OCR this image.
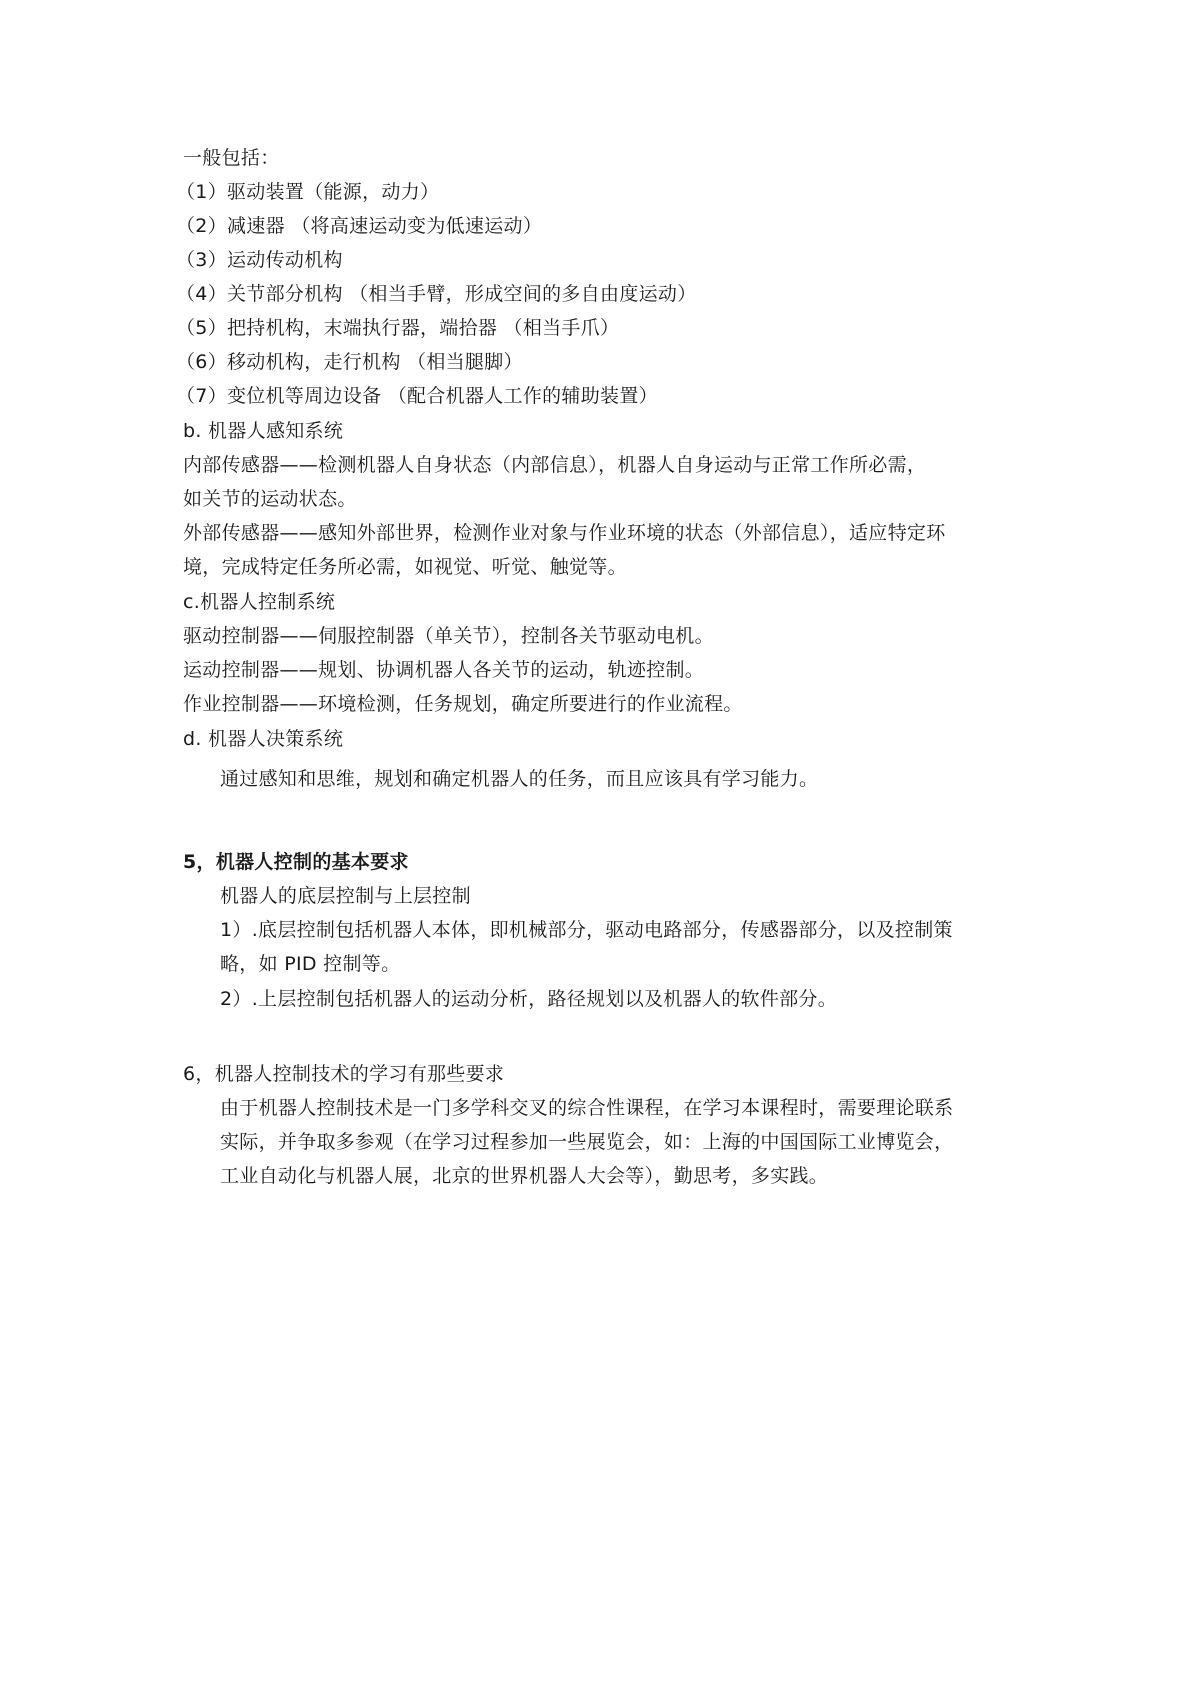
一般包括：
（1）驱动装置（能源，动力）
（2）减速器 （将高速运动变为低速运动）
（3）运动传动机构
（4）关节部分机构 （相当手臂，形成空间的多自由度运动）
（5）把持机构，末端执行器，端拾器 （相当手爪）
（6）移动机构，走行机构 （相当腿脚）
（7）变位机等周边设备 （配合机器人工作的辅助装置）
b. 机器人感知系统
内部传感器——检测机器人自身状态（内部信息），机器人自身运动与正常工作所必需，
如关节的运动状态。
外部传感器——感知外部世界，检测作业对象与作业环境的状态（外部信息），适应特定环
境，完成特定任务所必需，如视觉、听觉、触觉等。
c.机器人控制系统
驱动控制器——伺服控制器（单关节），控制各关节驱动电机。
运动控制器——规划、协调机器人各关节的运动，轨迹控制。
作业控制器——环境检测，任务规划，确定所要进行的作业流程。
d. 机器人决策系统
通过感知和思维，规划和确定机器人的任务，而且应该具有学习能力。
5，机器人控制的基本要求
机器人的底层控制与上层控制
1）.底层控制包括机器人本体，即机械部分，驱动电路部分，传感器部分，以及控制策
略，如 PID 控制等。
2）.上层控制包括机器人的运动分析，路径规划以及机器人的软件部分。
6，机器人控制技术的学习有那些要求
由于机器人控制技术是一门多学科交叉的综合性课程，在学习本课程时，需要理论联系
实际，并争取多参观（在学习过程参加一些展览会，如：上海的中国国际工业博览会，
工业自动化与机器人展，北京的世界机器人大会等），勤思考，多实践。
